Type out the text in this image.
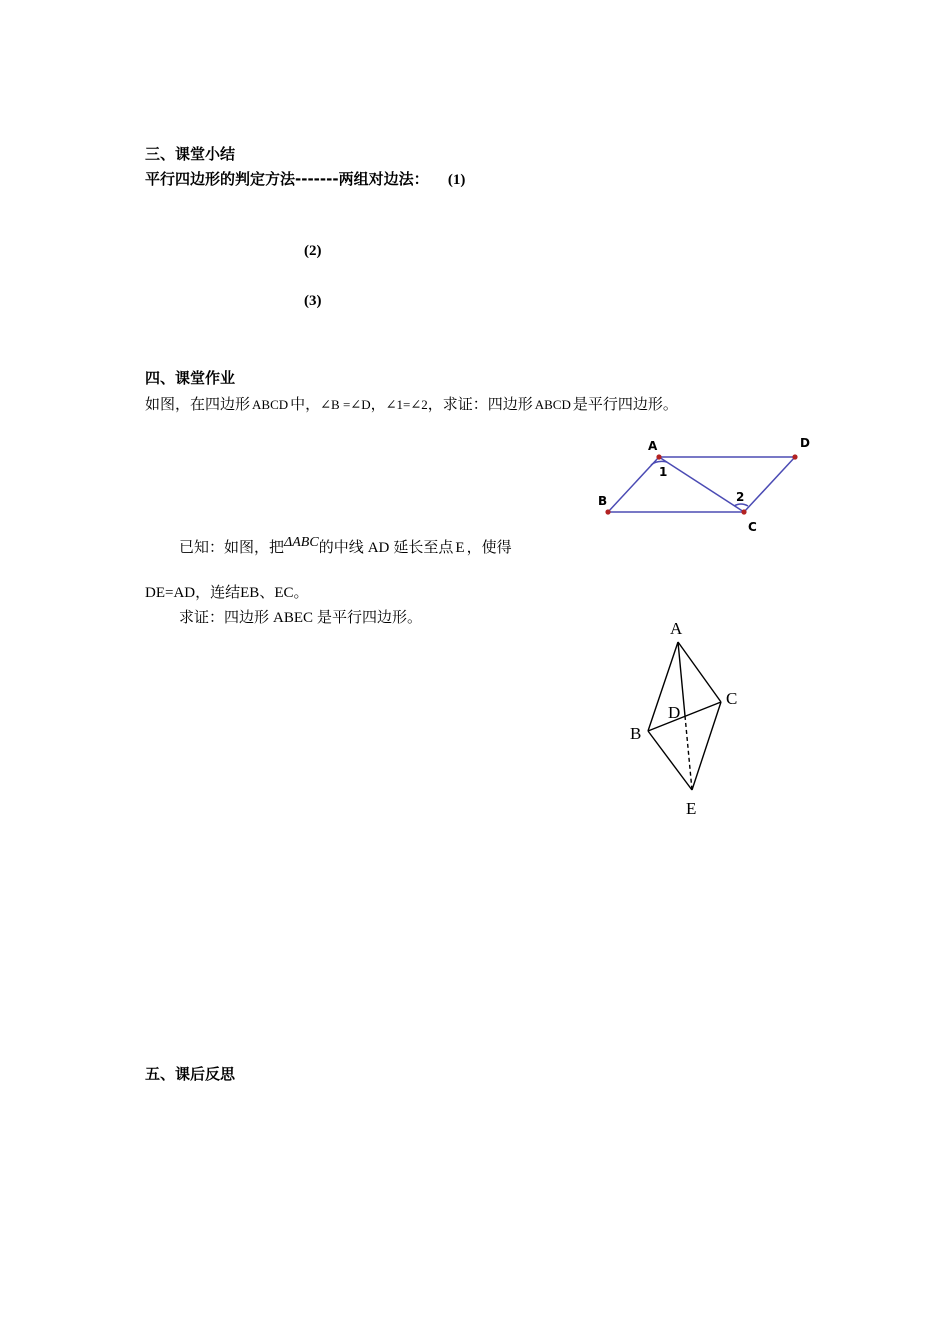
三、课堂小结
平行四边形的判定方法-------两组对边法： (1)
(2)
(3)
四、课堂作业
如图，在四边形 ABCD 中，∠B =∠D，∠1=∠2，求证：四边形 ABCD 是平行四边形。
A	D
B
C
1
2
已知：如图，把ΔABC的中线 AD 延长至点 E ，使得
DE=AD，连结EB、EC。
求证：四边形 ABEC 是平行四边形。
A
C
D
B
E
五、课后反思
